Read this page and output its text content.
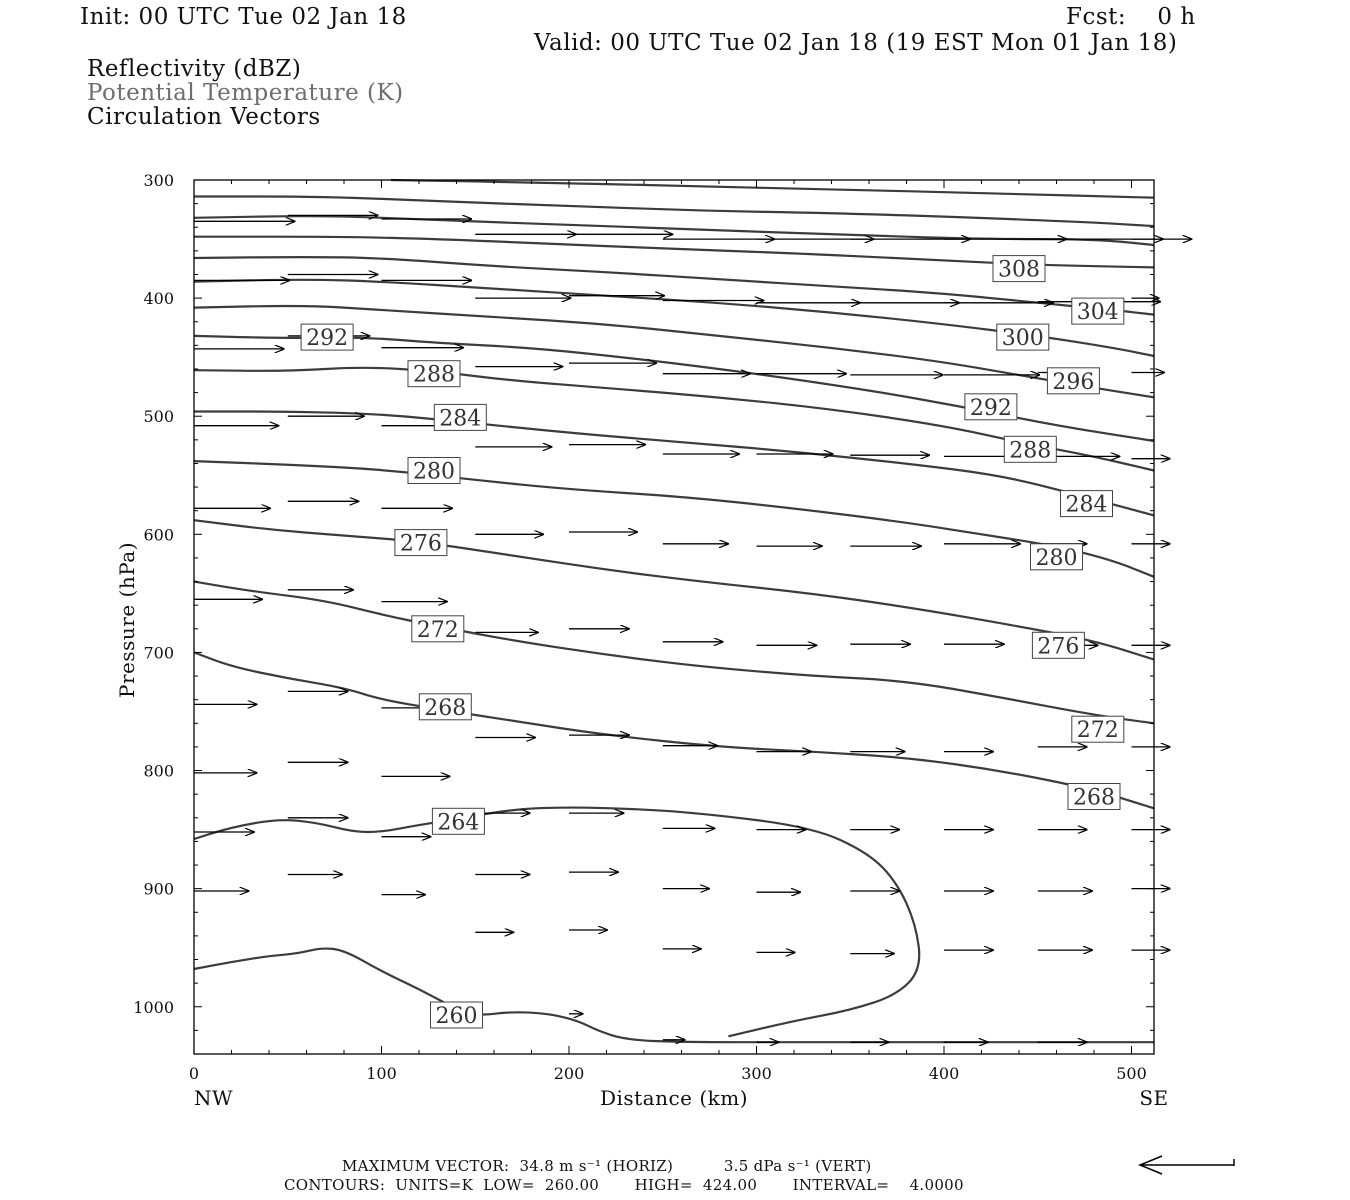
Init: 00 UTC Tue 02 Jan 18	Fcst:    0 h
Valid: 00 UTC Tue 02 Jan 18 (19 EST Mon 01 Jan 18)
Reflectivity (dBZ)
Potential Temperature (K)
Circulation Vectors
260
264
268
268
272
272
276
276
280
280
284
284
288
288
292
292
296
300
304
308
300
400
500
600
700
800
900
1000
0	100	200	300	400	500
Distance (km)
NW	SE
Pressure (hPa)
MAXIMUM VECTOR:  34.8 m s⁻¹ (HORIZ)          3.5 dPa s⁻¹ (VERT)
CONTOURS:  UNITS=K  LOW=  260.00       HIGH=  424.00       INTERVAL=    4.0000
